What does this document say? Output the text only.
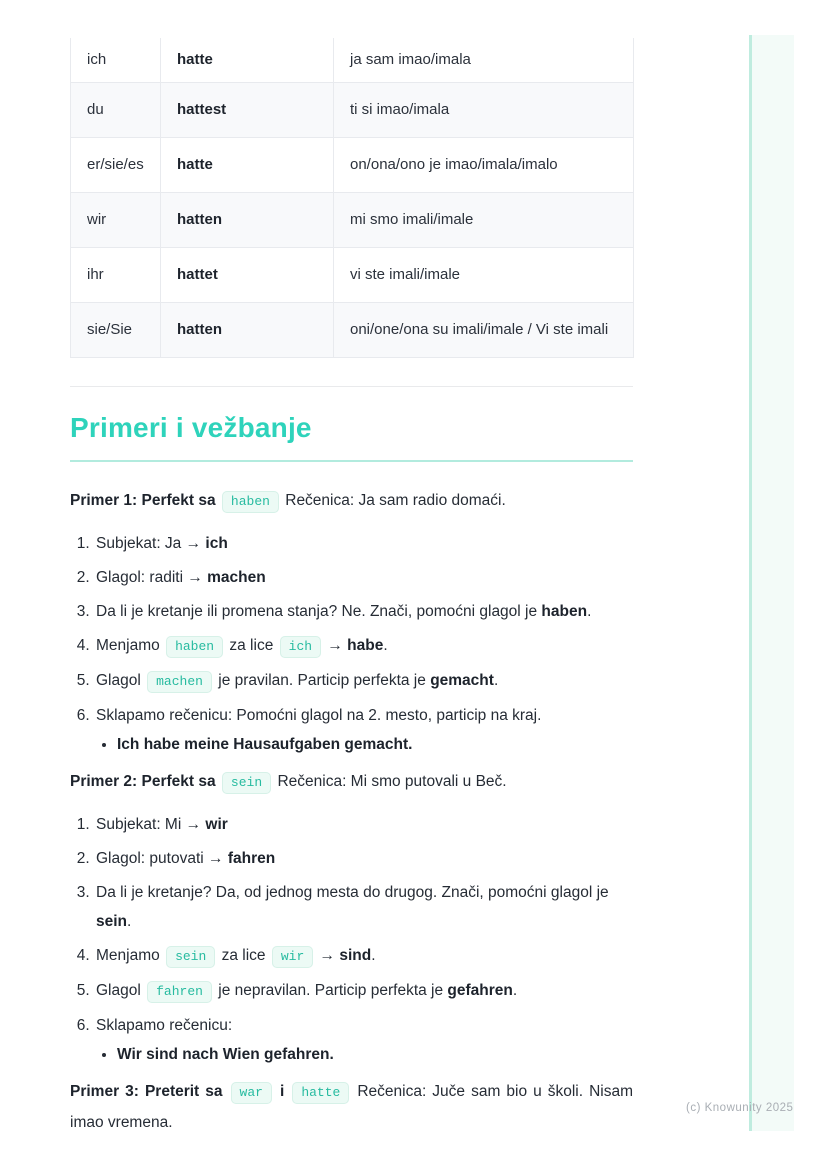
ich	hatte	ja sam imao/imala
du	hattest	ti si imao/imala
er/sie/es	hatte	on/ona/ono je imao/imala/imalo
wir	hatten	mi smo imali/imale
ihr	hattet	vi ste imali/imale
sie/Sie	hatten	oni/one/ona su imali/imale / Vi ste imali
Primeri i vežbanje

Primer 1: Perfekt sa haben Rečenica: Ja sam radio domaći.

1. Subjekat: Ja → ich
2. Glagol: raditi → machen
3. Da li je kretanje ili promena stanja? Ne. Znači, pomoćni glagol je haben.
4. Menjamo haben za lice ich → habe.
5. Glagol machen je pravilan. Particip perfekta je gemacht.
6. Sklapamo rečenicu: Pomoćni glagol na 2. mesto, particip na kraj.
• Ich habe meine Hausaufgaben gemacht.

Primer 2: Perfekt sa sein Rečenica: Mi smo putovali u Beč.

1. Subjekat: Mi → wir
2. Glagol: putovati → fahren
3. Da li je kretanje? Da, od jednog mesta do drugog. Znači, pomoćni glagol je sein.
4. Menjamo sein za lice wir → sind.
5. Glagol fahren je nepravilan. Particip perfekta je gefahren.
6. Sklapamo rečenicu:
• Wir sind nach Wien gefahren.

Primer 3: Preterit sa war i hatte Rečenica: Juče sam bio u školi. Nisam imao vremena.

(c) Knowunity 2025
